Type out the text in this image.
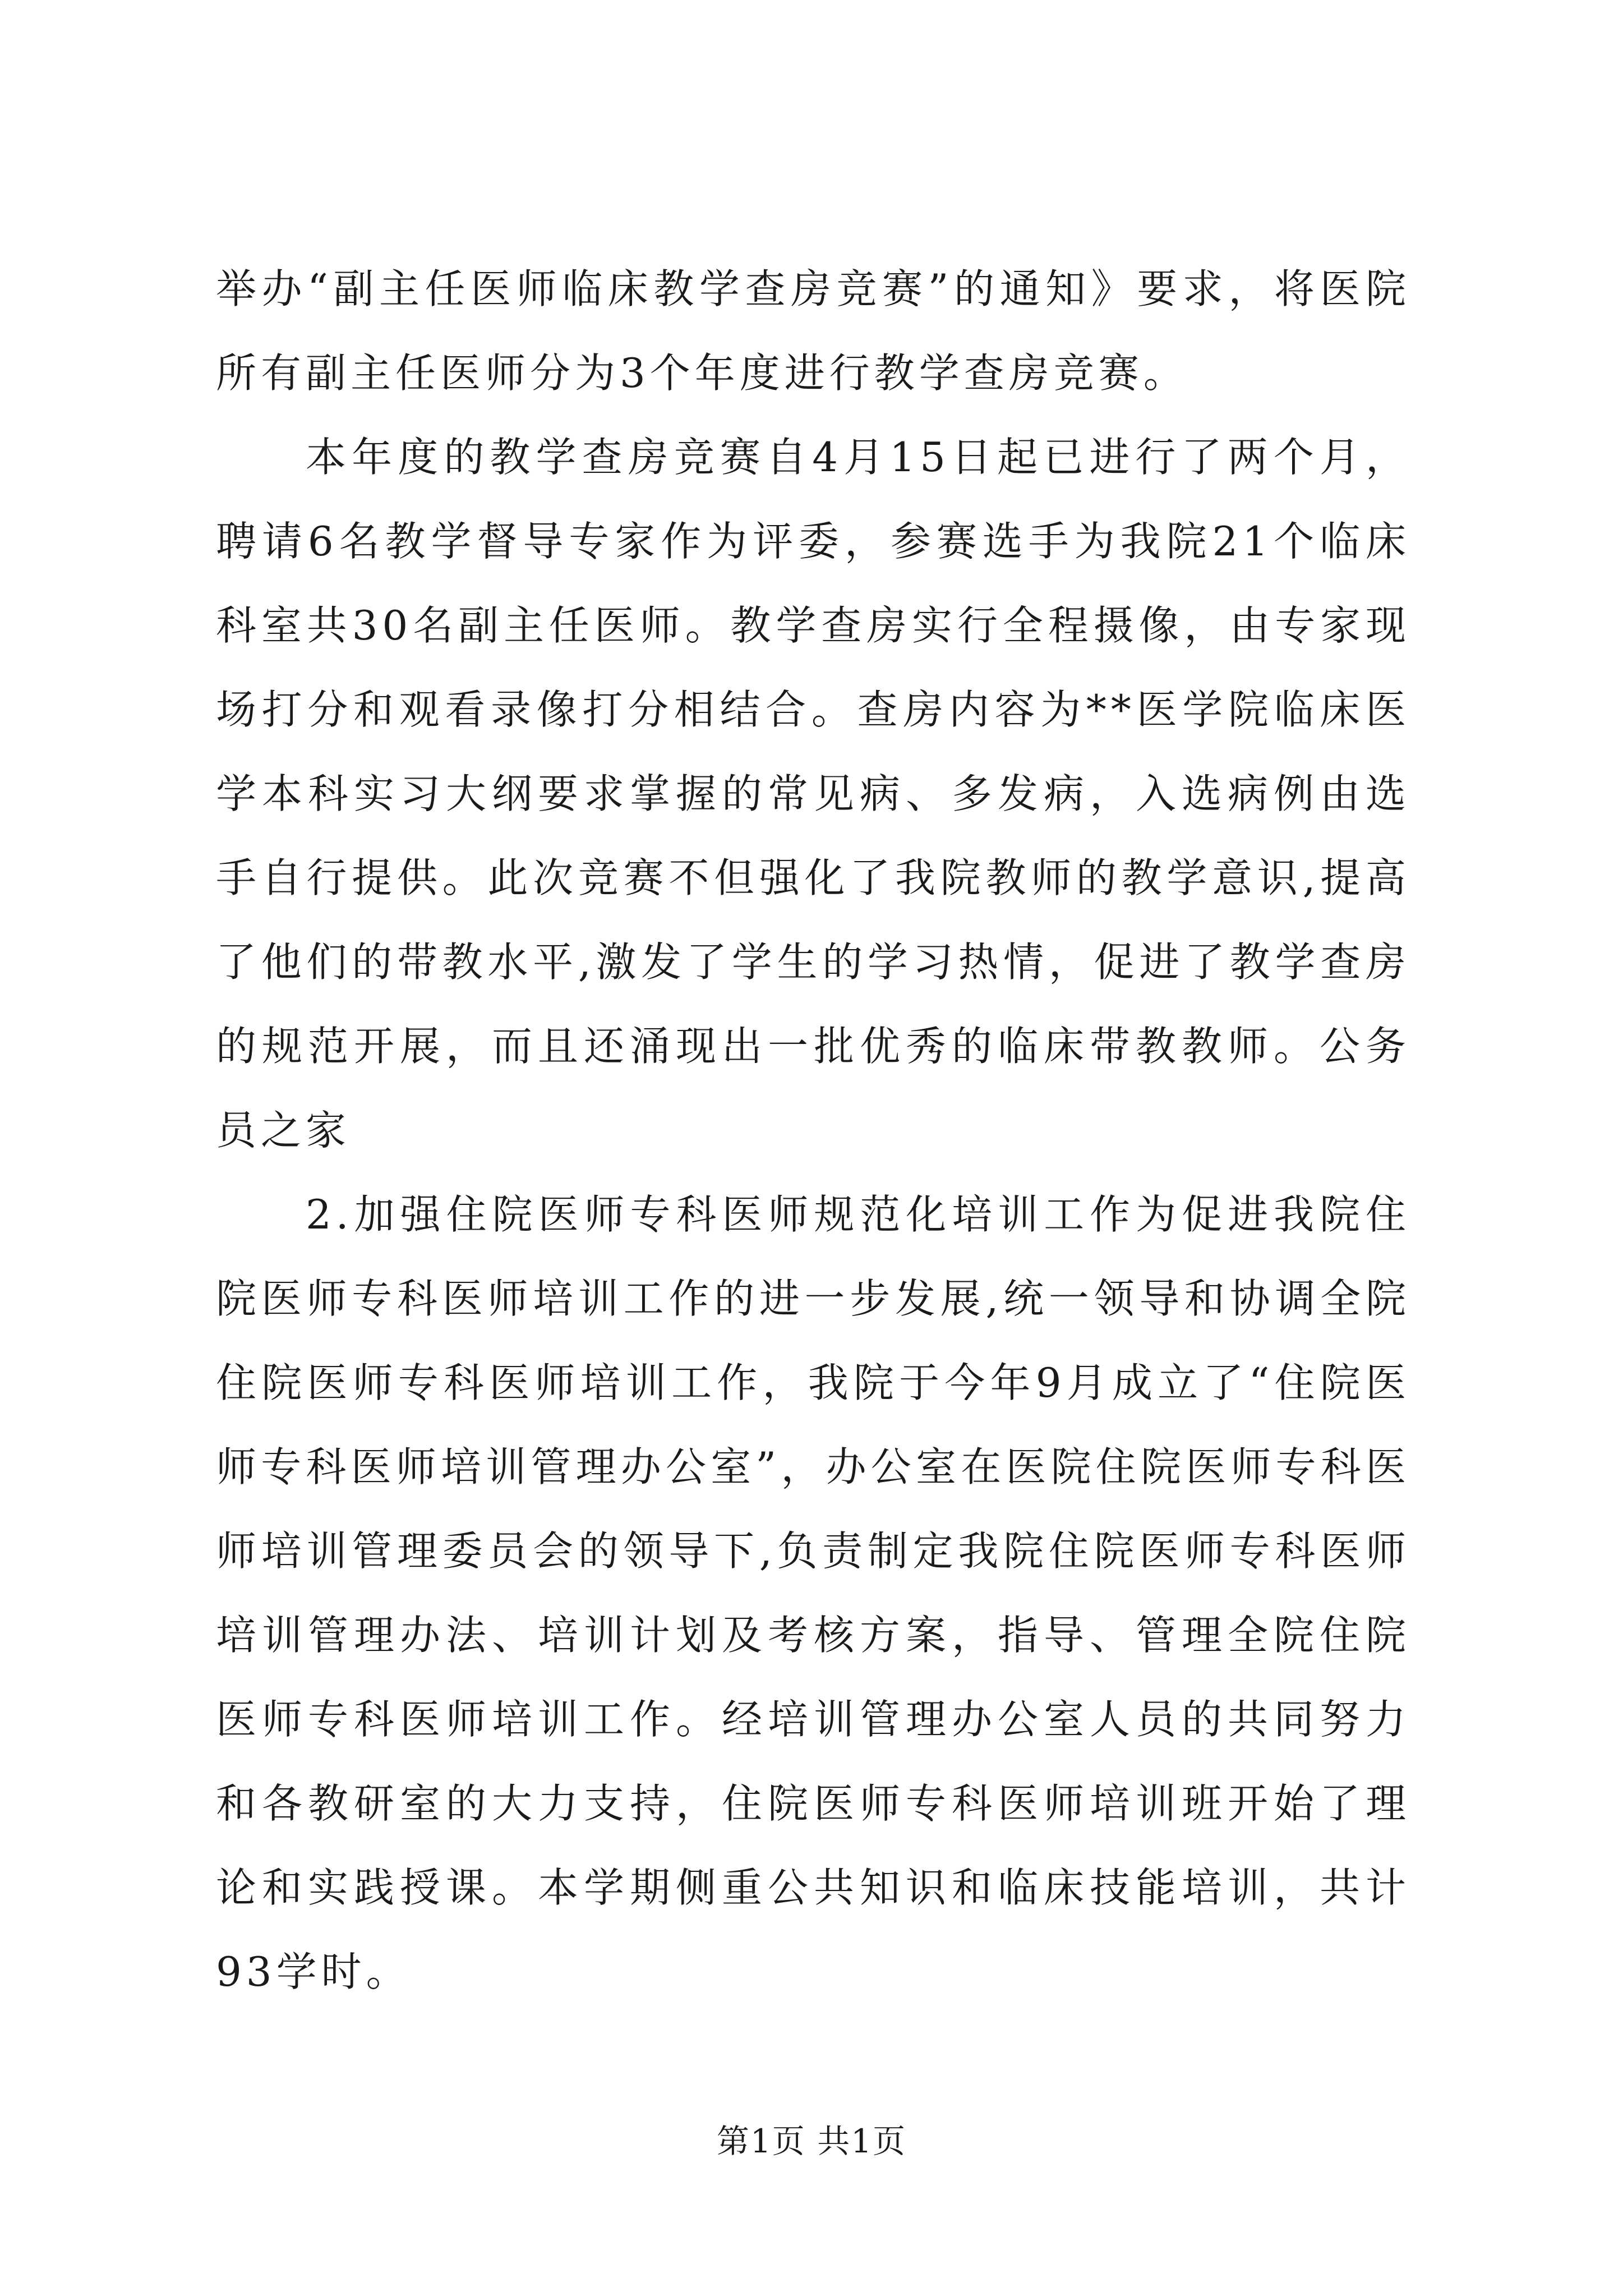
举办“副主任医师临床教学查房竞赛”的通知》要求，将医院所有副主任医师分为3个年度进行教学查房竞赛。

本年度的教学查房竞赛自4月15日起已进行了两个月，聘请6名教学督导专家作为评委，参赛选手为我院21个临床科室共30名副主任医师。教学查房实行全程摄像，由专家现场打分和观看录像打分相结合。查房内容为**医学院临床医学本科实习大纲要求掌握的常见病、多发病，入选病例由选手自行提供。此次竞赛不但强化了我院教师的教学意识,提高了他们的带教水平,激发了学生的学习热情，促进了教学查房的规范开展，而且还涌现出一批优秀的临床带教教师。公务员之家

2.加强住院医师专科医师规范化培训工作为促进我院住院医师专科医师培训工作的进一步发展,统一领导和协调全院住院医师专科医师培训工作，我院于今年9月成立了“住院医师专科医师培训管理办公室”，办公室在医院住院医师专科医师培训管理委员会的领导下,负责制定我院住院医师专科医师培训管理办法、培训计划及考核方案，指导、管理全院住院医师专科医师培训工作。经培训管理办公室人员的共同努力和各教研室的大力支持，住院医师专科医师培训班开始了理论和实践授课。本学期侧重公共知识和临床技能培训，共计93学时。

第1页 共1页
